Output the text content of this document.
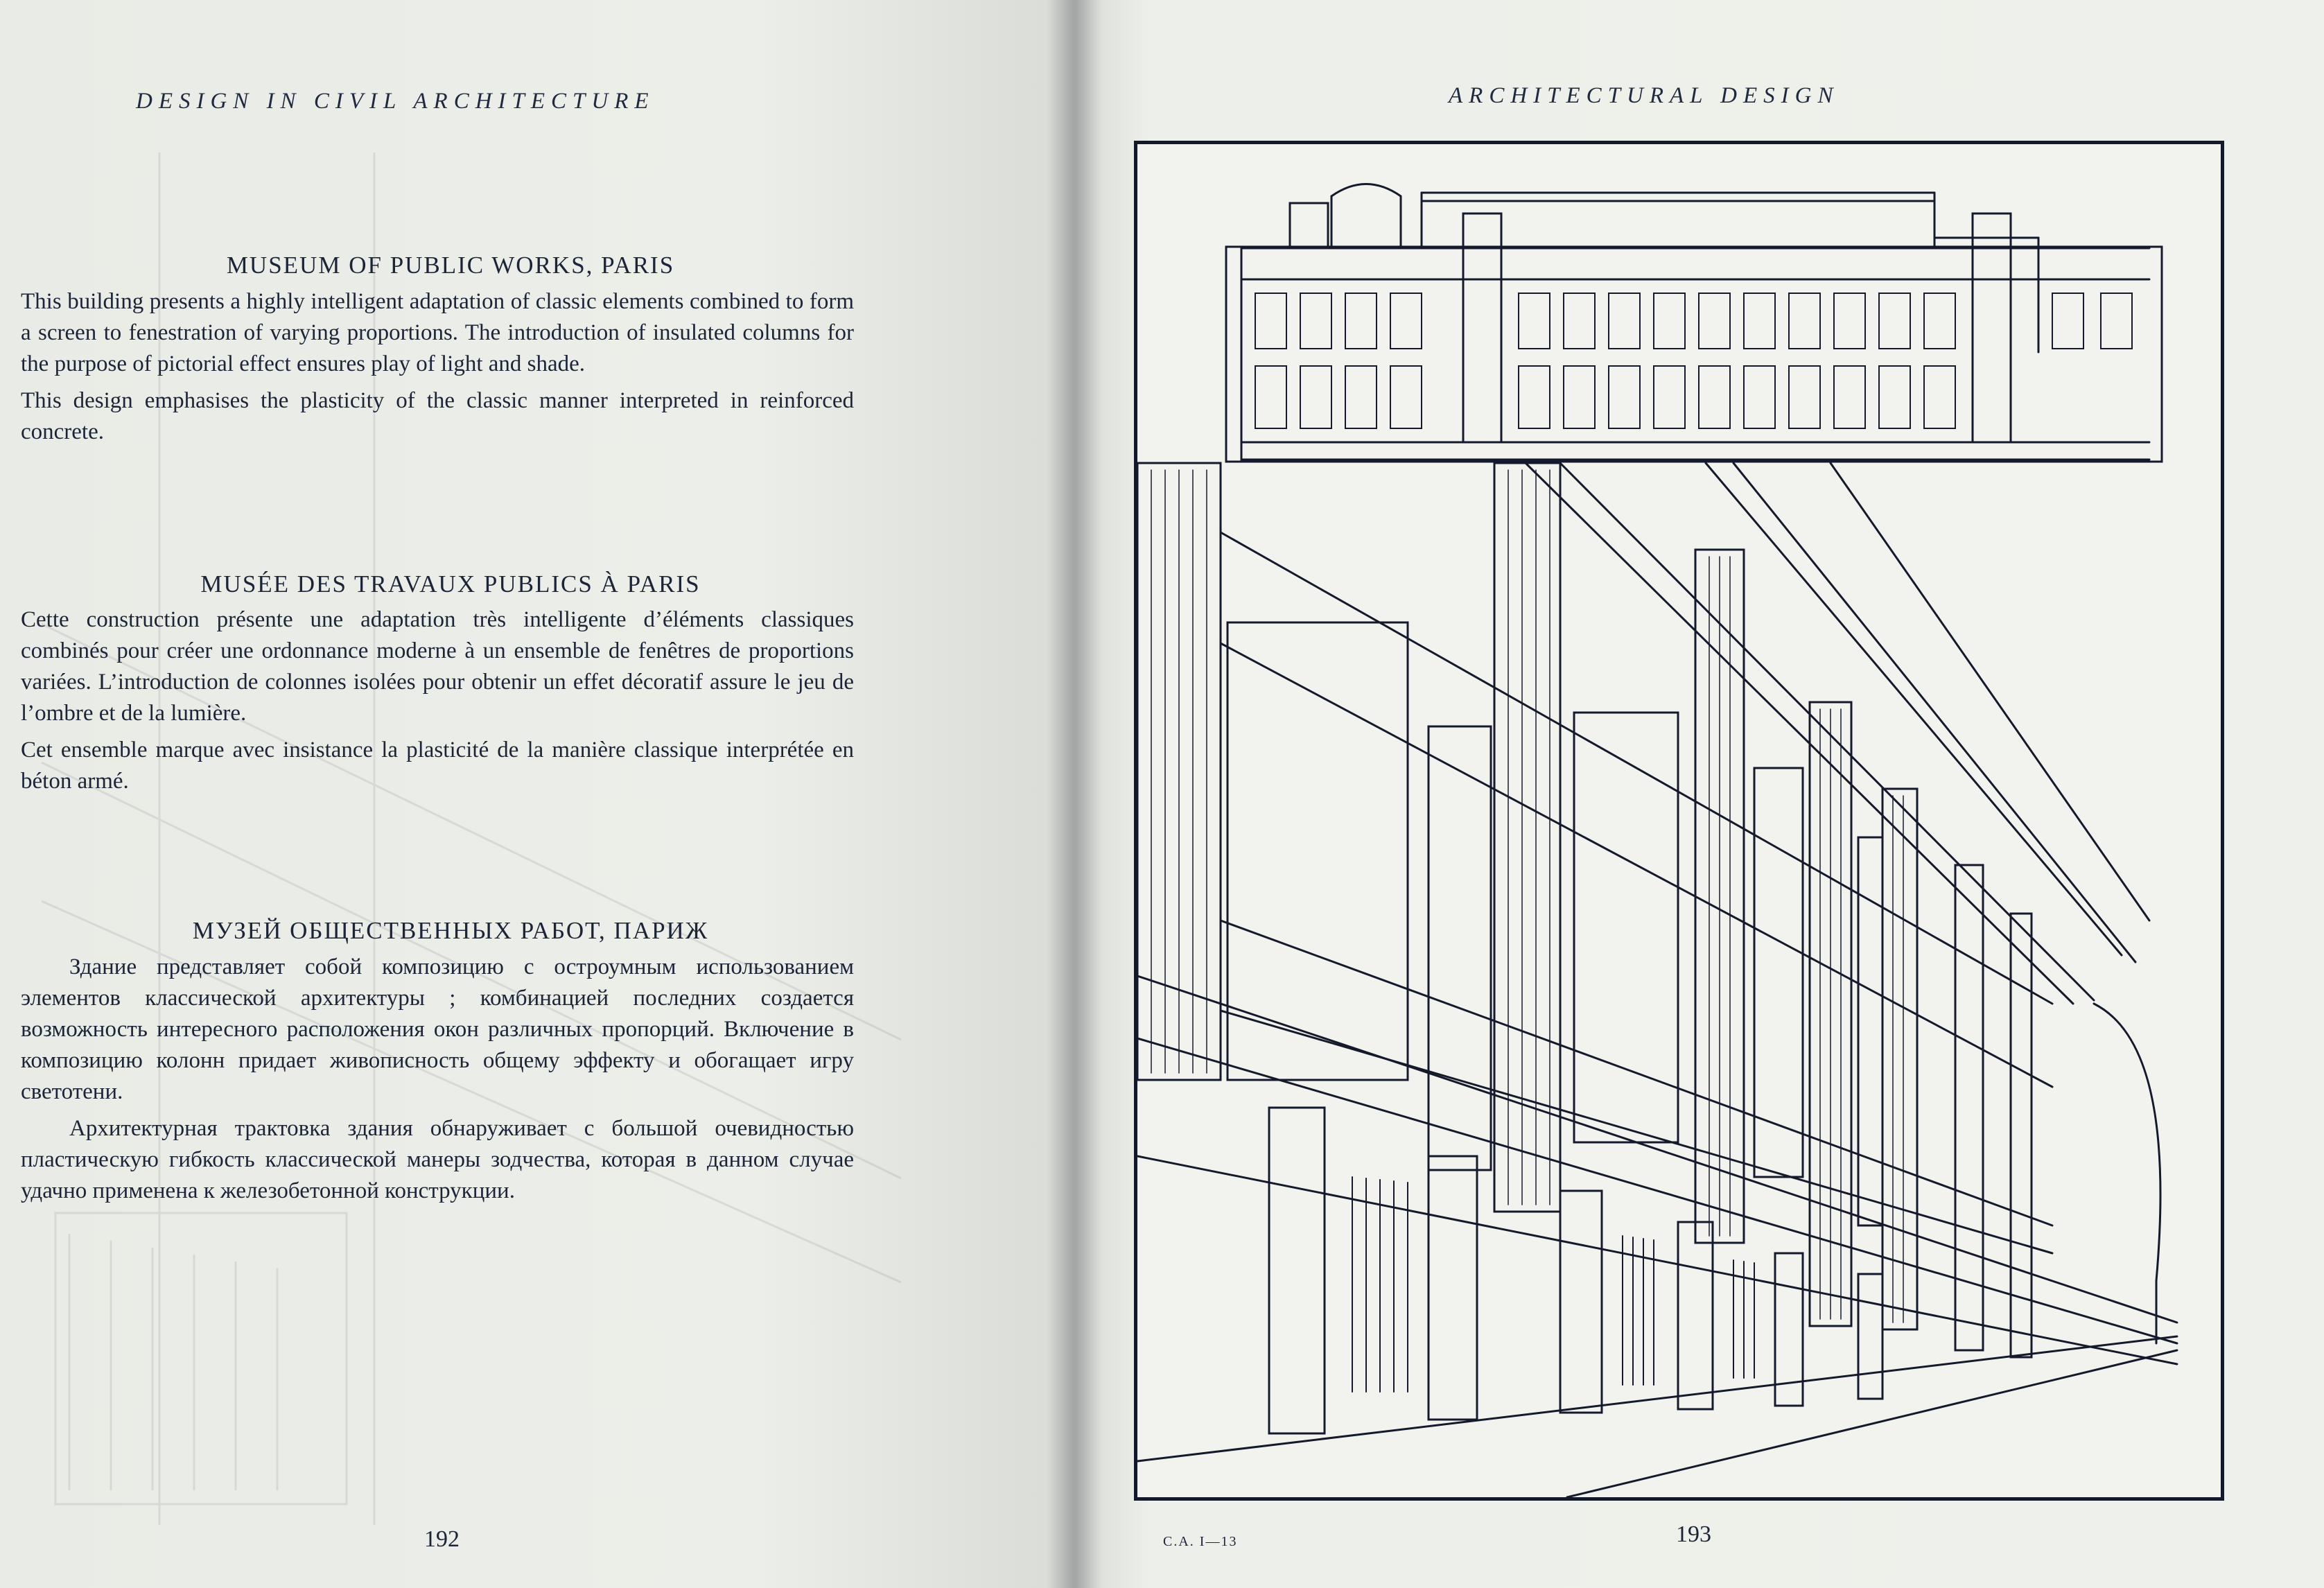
DESIGN IN CIVIL ARCHITECTURE
MUSEUM OF PUBLIC WORKS, PARIS

This building presents a highly intelligent adaptation of classic elements combined to form a screen to fenestration of varying proportions. The introduction of insulated columns for the purpose of pictorial effect ensures play of light and shade.

This design emphasises the plasticity of the classic manner interpreted in reinforced concrete.

MUSÉE DES TRAVAUX PUBLICS À PARIS

Cette construction présente une adaptation très intelligente d’éléments classiques combinés pour créer une ordonnance moderne à un ensemble de fenêtres de proportions variées. L’introduction de colonnes isolées pour obtenir un effet décoratif assure le jeu de l’ombre et de la lumière.

Cet ensemble marque avec insistance la plasticité de la manière classique interprétée en béton armé.

МУЗЕЙ ОБЩЕСТВЕННЫХ РАБОТ, ПАРИЖ

Здание представляет собой композицию с остроумным использованием элементов классической архитектуры ; комбинацией последних создается возможность интересного расположения окон различных пропорций. Включение в композицию колонн придает живописность общему эффекту и обогащает игру светотени.

Архитектурная трактовка здания обнаруживает с большой очевидностью пластическую гибкость классической манеры зодчества, которая в данном случае удачно применена к железобетонной конструкции.

192
ARCHITECTURAL DESIGN
C.A. I—13	193
